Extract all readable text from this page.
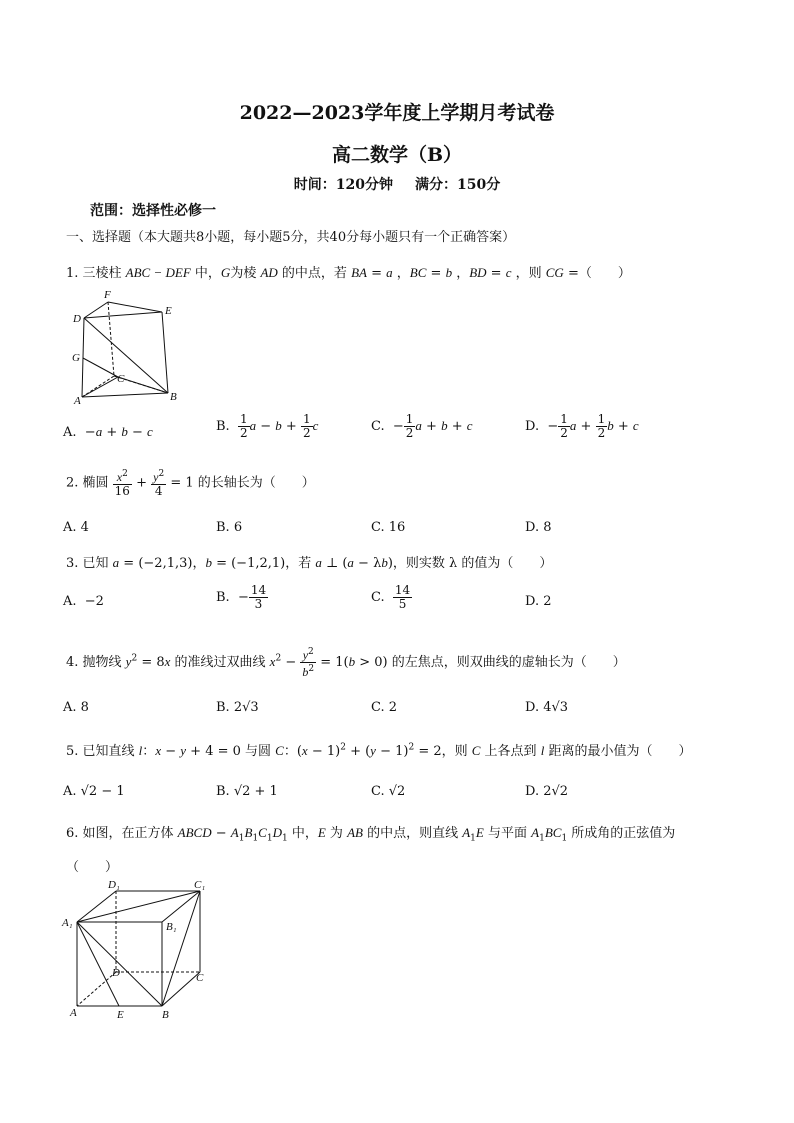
2022—2023学年度上学期月考试卷
高二数学（B）
时间：120分钟 满分：150分
范围：选择性必修一
一、选择题（本大题共8小题，每小题5分，共40分每小题只有一个正确答案）
1. 三棱柱 ABC − DEF 中，G为棱 AD 的中点，若 BA = a ，BC = b ，BD = c ，则 CG =（　　）
F
E
D
G
C
A	B
A.  −a + b − c	B. $\frac{1}{2}$ $a - b + \frac{1}{2}$ c	C.  − $\frac{1}{2}$ a + b + c	D.  − $\frac{1}{2}$ $a + \frac{1}{2}$ b + c
2. 椭圆 $\frac{x^2}{16} + \frac{y^2}{4} = 1$ 的长轴长为（　　）
A. 4	B. 6	C. 16	D. 8
3. 已知 a = (−2,1,3)，b = (−1,2,1)，若 a ⊥ (a − λb)，则实数 λ 的值为（　　）
A.  −2	B.  − $\frac{14}{3}$	C. $\frac{14}{5}$	D. 2
4. 抛物线 $y^2 = 8x$ 的准线过双曲线 $x^2 - \frac{y^2}{b^2} = 1(b > 0)$ 的左焦点，则双曲线的虚轴长为（　　）
A. 8	B. 2√3	C. 2	D. 4√3
5. 已知直线 l：x − y + 4 = 0 与圆 C：$(x - 1)^2 + (y - 1)^2 = 2$，则 C 上各点到 l 距离的最小值为（　　）
A. √2 − 1	B. √2 + 1	C. √2	D. 2√2
6. 如图，在正方体 ABCD − $A_1B_1C_1D_1$ 中，E 为 AB 的中点，则直线 $A_1E$ 与平面 $A_1BC_1$ 所成角的正弦值为
（　　）
D₁	C₁
A₁	B₁
D	C
A	E	B
